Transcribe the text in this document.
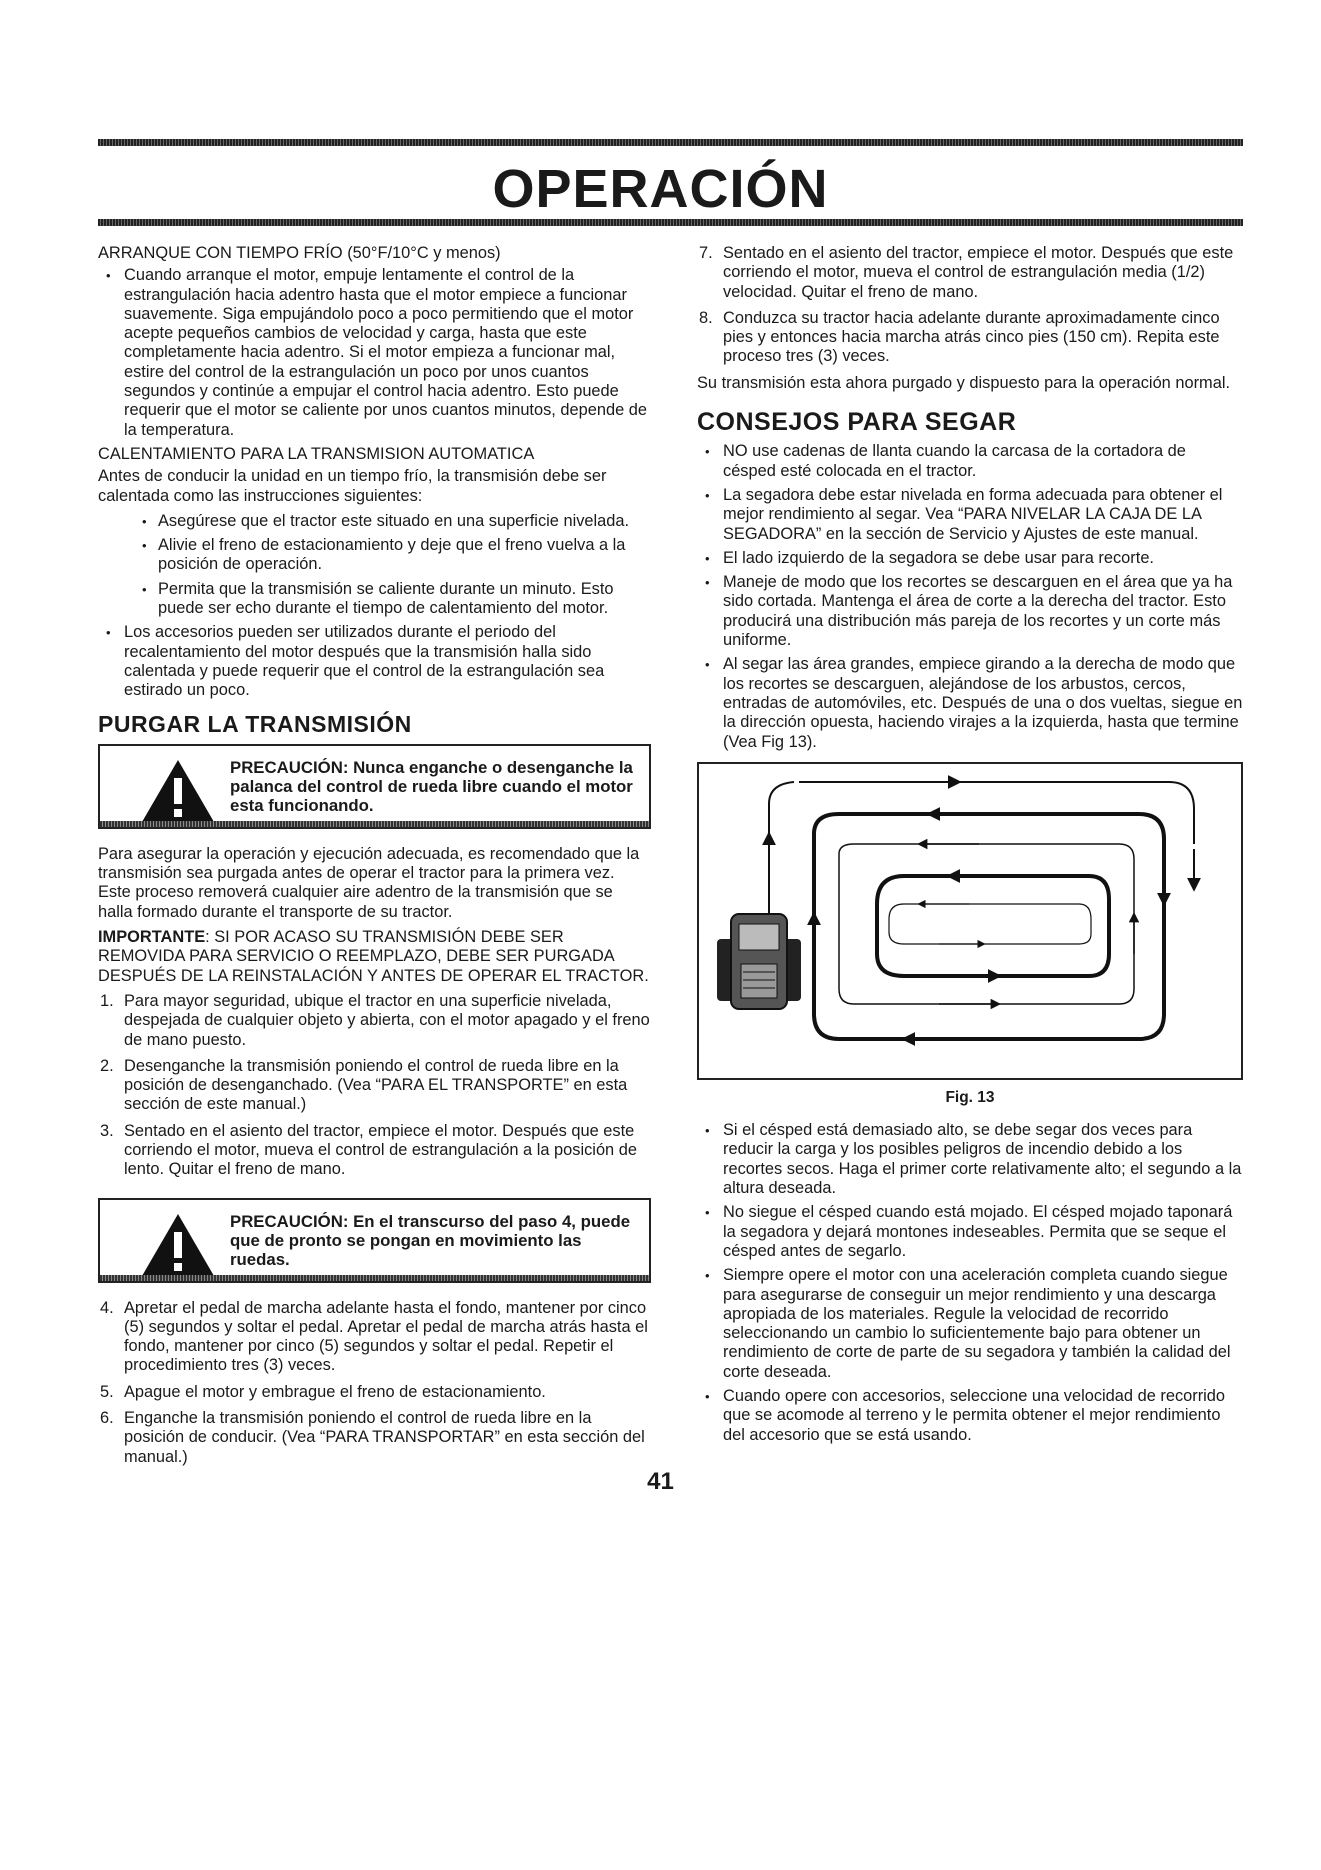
OPERACIÓN

ARRANQUE CON TIEMPO FRÍO (50°F/10°C y menos)

• Cuando arranque el motor, empuje lentamente el control de la estrangulación hacia adentro hasta que el motor empiece a funcionar suavemente. Siga empujándolo poco a poco permitiendo que el motor acepte pequeños cambios de velocidad y carga, hasta que este completamente hacia adentro. Si el motor empieza a funcionar mal, estire del control de la estrangulación un poco por unos cuantos segundos y continúe a empujar el control hacia adentro. Esto puede requerir que el motor se caliente por unos cuantos minutos, depende de la temperatura.

CALENTAMIENTO PARA LA TRANSMISION AUTOMATICA

Antes de conducir la unidad en un tiempo frío, la transmisión debe ser calentada como las instrucciones siguientes:

• Asegúrese que el tractor este situado en una superficie nivelada.
• Alivie el freno de estacionamiento y deje que el freno vuelva a la posición de operación.
• Permita que la transmisión se caliente durante un minuto. Esto puede ser echo durante el tiempo de calentamiento del motor.
• Los accesorios pueden ser utilizados durante el periodo del recalentamiento del motor después que la transmisión halla sido calentada y puede requerir que el control de la estrangulación sea estirado un poco.
PURGAR LA TRANSMISIÓN
PRECAUCIÓN: Nunca enganche o desenganche la palanca del control de rueda libre cuando el motor esta funcionando.

Para asegurar la operación y ejecución adecuada, es recomendado que la transmisión sea purgada antes de operar el tractor para la primera vez. Este proceso removerá cualquier aire adentro de la transmisión que se halla formado durante el transporte de su tractor.

IMPORTANTE: SI POR ACASO SU TRANSMISIÓN DEBE SER REMOVIDA PARA SERVICIO O REEMPLAZO, DEBE SER PURGADA DESPUÉS DE LA REINSTALACIÓN Y ANTES DE OPERAR EL TRACTOR.

1. Para mayor seguridad, ubique el tractor en una superficie nivelada, despejada de cualquier objeto y abierta, con el motor apagado y el freno de mano puesto.
2. Desenganche la transmisión poniendo el control de rueda libre en la posición de desenganchado. (Vea “PARA EL TRANSPORTE” en esta sección de este manual.)
3. Sentado en el asiento del tractor, empiece el motor. Después que este corriendo el motor, mueva el control de estrangulación a la posición de lento. Quitar el freno de mano.
PRECAUCIÓN: En el transcurso del paso 4, puede que de pronto se pongan en movimiento las ruedas.
4. Apretar el pedal de marcha adelante hasta el fondo, mantener por cinco (5) segundos y soltar el pedal. Apretar el pedal de marcha atrás hasta el fondo, mantener por cinco (5) segundos y soltar el pedal. Repetir el procedimiento tres (3) veces.
5. Apague el motor y embrague el freno de estacionamiento.
6. Enganche la transmisión poniendo el control de rueda libre en la posición de conducir. (Vea “PARA TRANSPORTAR” en esta sección del manual.)
7. Sentado en el asiento del tractor, empiece el motor. Después que este corriendo el motor, mueva el control de estrangulación media (1/2) velocidad. Quitar el freno de mano.
8. Conduzca su tractor hacia adelante durante aproximadamente cinco pies y entonces hacia marcha atrás cinco pies (150 cm). Repita este proceso tres (3) veces.

Su transmisión esta ahora purgado y dispuesto para la operación normal.

CONSEJOS PARA SEGAR
• NO use cadenas de llanta cuando la carcasa de la cortadora de césped esté colocada en el tractor.
• La segadora debe estar nivelada en forma adecuada para obtener el mejor rendimiento al segar. Vea “PARA NIVELAR LA CAJA DE LA SEGADORA” en la sección de Servicio y Ajustes de este manual.
• El lado izquierdo de la segadora se debe usar para recorte.
• Maneje de modo que los recortes se descarguen en el área que ya ha sido cortada. Mantenga el área de corte a la derecha del tractor. Esto producirá una distribución más pareja de los recortes y un corte más uniforme.
• Al segar las área grandes, empiece girando a la derecha de modo que los recortes se descarguen, alejándose de los arbustos, cercos, entradas de automóviles, etc. Después de una o dos vueltas, siegue en la dirección opuesta, haciendo virajes a la izquierda, hasta que termine (Vea Fig 13).
Fig. 13
• Si el césped está demasiado alto, se debe segar dos veces para reducir la carga y los posibles peligros de incendio debido a los recortes secos. Haga el primer corte relativamente alto; el segundo a la altura deseada.
• No siegue el césped cuando está mojado. El césped mojado taponará la segadora y dejará montones indeseables. Permita que se seque el césped antes de segarlo.
• Siempre opere el motor con una aceleración completa cuando siegue para asegurarse de conseguir un mejor rendimiento y una descarga apropiada de los materiales. Regule la velocidad de recorrido seleccionando un cambio lo suficientemente bajo para obtener un rendimiento de corte de parte de su segadora y también la calidad del corte deseada.
• Cuando opere con accesorios, seleccione una velocidad de recorrido que se acomode al terreno y le permita obtener el mejor rendimiento del accesorio que se está usando.
41
